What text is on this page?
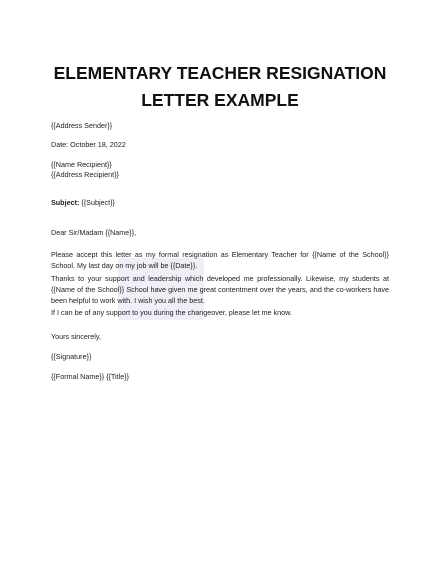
ELEMENTARY TEACHER RESIGNATION
LETTER EXAMPLE
{{Address Sender}}
Date: October 18, 2022
{{Name Recipient}}
{{Address Recipient}}
Subject: {{Subject}}
Dear Sir/Madam {{Name}},
Please accept this letter as my formal resignation as Elementary Teacher for {{Name of the School}} School. My last day on my job will be {{Date}}.
Thanks to your support and leadership which developed me professionally. Likewise, my students at {{Name of the School}} School have given me great contentment over the years, and the co-workers have been helpful to work with. I wish you all the best.
If I can be of any support to you during the changeover, please let me know.
Yours sincerely,
{{Signature}}
{{Formal Name}} {{Title}}
